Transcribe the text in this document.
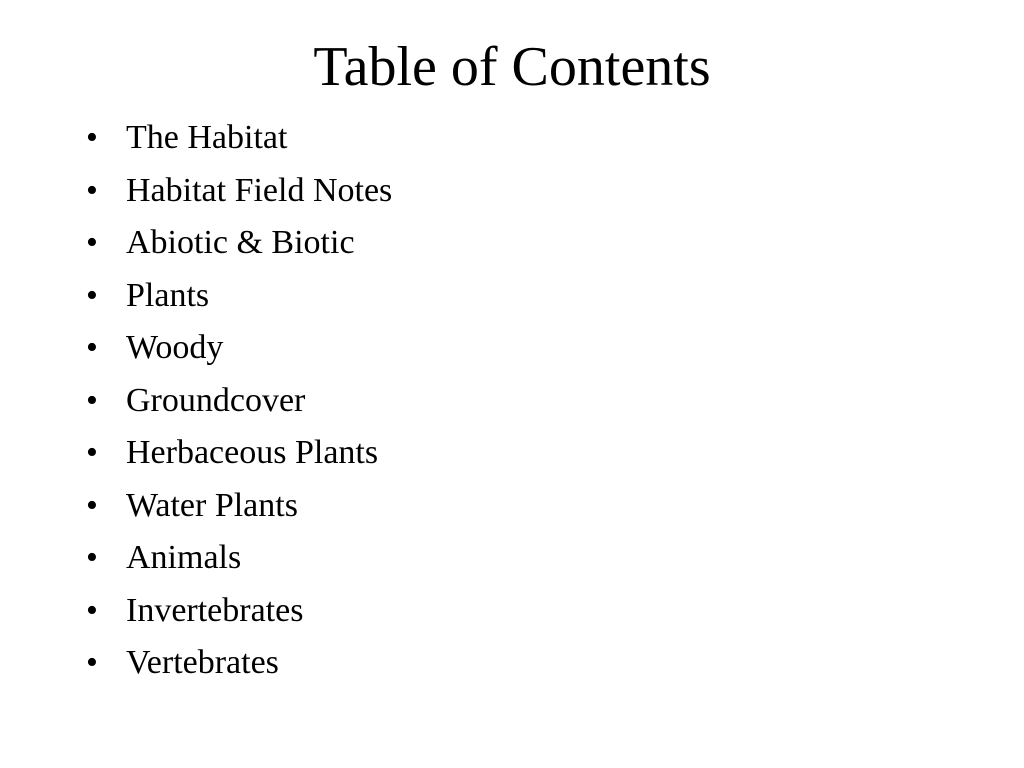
Table of Contents
• The Habitat
• Habitat Field Notes
• Abiotic & Biotic
• Plants
• Woody
• Groundcover
• Herbaceous Plants
• Water Plants
• Animals
• Invertebrates
• Vertebrates
